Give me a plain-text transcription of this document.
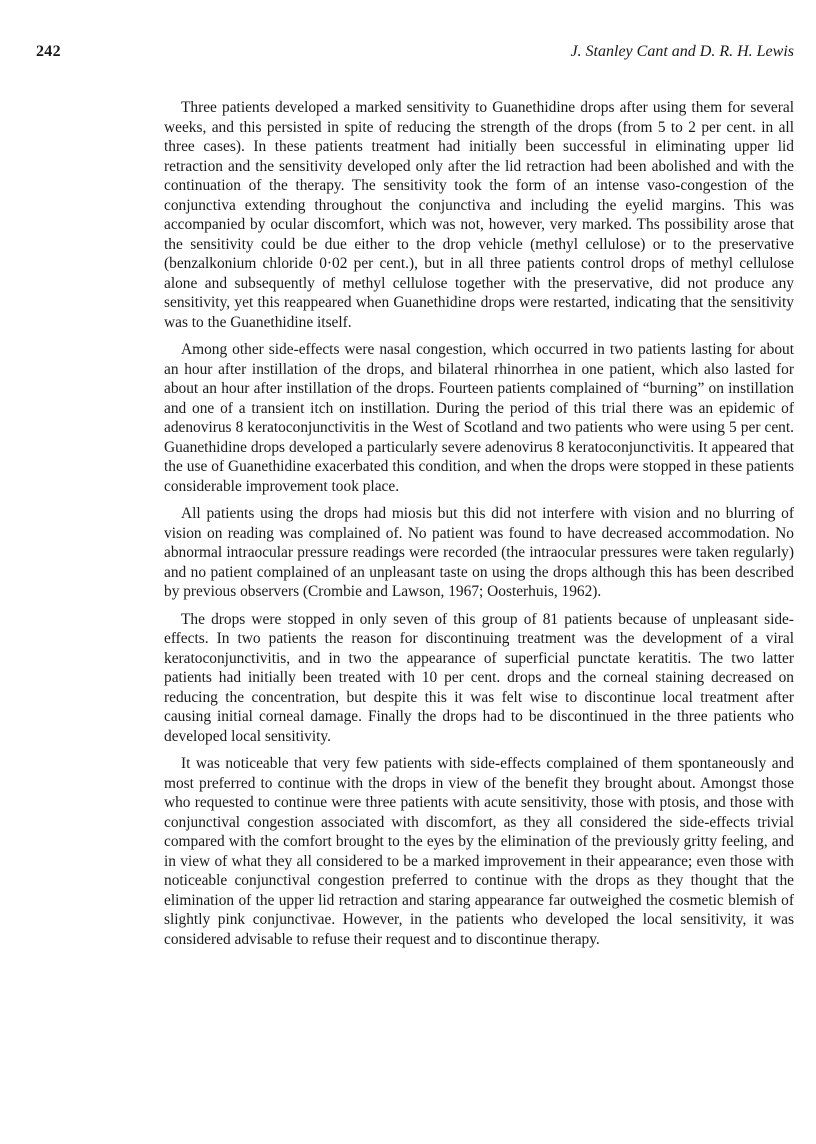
242	J. Stanley Cant and D. R. H. Lewis

Three patients developed a marked sensitivity to Guanethidine drops after using them for several weeks, and this persisted in spite of reducing the strength of the drops (from 5 to 2 per cent. in all three cases). In these patients treatment had initially been successful in eliminating upper lid retraction and the sensitivity developed only after the lid retraction had been abolished and with the continuation of the therapy. The sensitivity took the form of an intense vaso-congestion of the conjunctiva extending throughout the conjunctiva and including the eyelid margins. This was accompanied by ocular discomfort, which was not, however, very marked. Ths possibility arose that the sensitivity could be due either to the drop vehicle (methyl cellulose) or to the preservative (benzalkonium chloride 0·02 per cent.), but in all three patients control drops of methyl cellulose alone and subsequently of methyl cellulose together with the preservative, did not produce any sensitivity, yet this reappeared when Guanethidine drops were restarted, indicating that the sensitivity was to the Guanethidine itself.

Among other side-effects were nasal congestion, which occurred in two patients lasting for about an hour after instillation of the drops, and bilateral rhinorrhea in one patient, which also lasted for about an hour after instillation of the drops. Fourteen patients complained of “burning” on instillation and one of a transient itch on instillation. During the period of this trial there was an epidemic of adenovirus 8 keratoconjunctivitis in the West of Scotland and two patients who were using 5 per cent. Guanethidine drops developed a particularly severe adenovirus 8 keratoconjunctivitis. It appeared that the use of Guanethidine exacerbated this condition, and when the drops were stopped in these patients considerable improvement took place.

All patients using the drops had miosis but this did not interfere with vision and no blurring of vision on reading was complained of. No patient was found to have decreased accommodation. No abnormal intraocular pressure readings were recorded (the intraocular pressures were taken regularly) and no patient complained of an unpleasant taste on using the drops although this has been described by previous observers (Crombie and Lawson, 1967; Oosterhuis, 1962).

The drops were stopped in only seven of this group of 81 patients because of unpleasant side-effects. In two patients the reason for discontinuing treatment was the development of a viral keratoconjunctivitis, and in two the appearance of superficial punctate keratitis. The two latter patients had initially been treated with 10 per cent. drops and the corneal staining decreased on reducing the concentration, but despite this it was felt wise to discontinue local treatment after causing initial corneal damage. Finally the drops had to be discontinued in the three patients who developed local sensitivity.

It was noticeable that very few patients with side-effects complained of them spontaneously and most preferred to continue with the drops in view of the benefit they brought about. Amongst those who requested to continue were three patients with acute sensitivity, those with ptosis, and those with conjunctival congestion associated with discomfort, as they all considered the side-effects trivial compared with the comfort brought to the eyes by the elimination of the previously gritty feeling, and in view of what they all considered to be a marked improvement in their appearance; even those with noticeable conjunctival congestion preferred to continue with the drops as they thought that the elimination of the upper lid retraction and staring appearance far outweighed the cosmetic blemish of slightly pink conjunctivae. However, in the patients who developed the local sensitivity, it was considered advisable to refuse their request and to discontinue therapy.
